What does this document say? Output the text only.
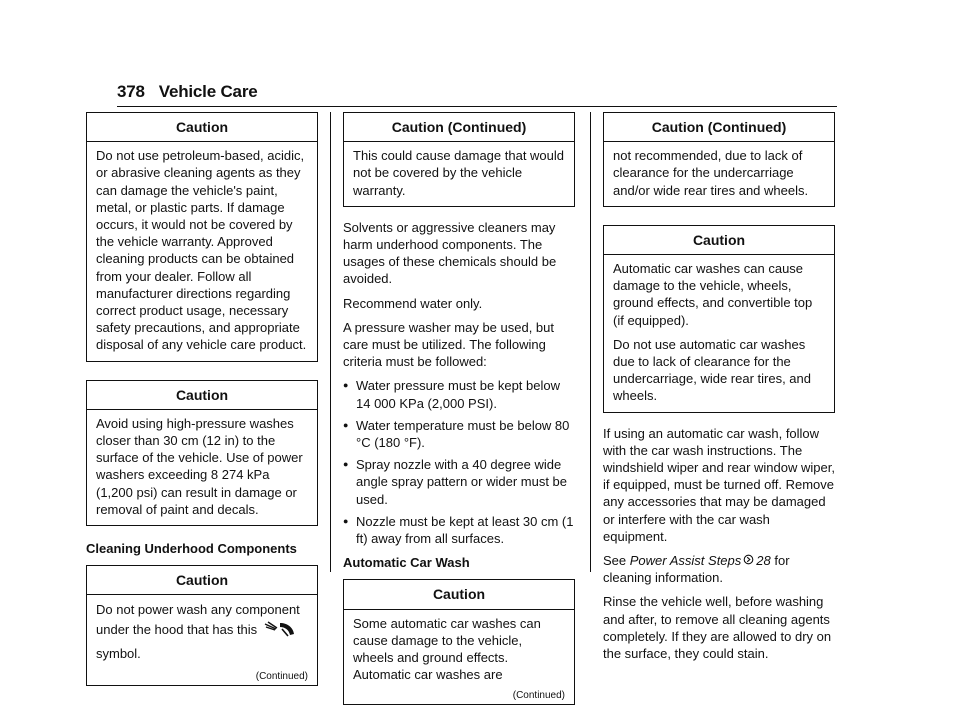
378 Vehicle Care
Caution

Do not use petroleum-based, acidic, or abrasive cleaning agents as they can damage the vehicle's paint, metal, or plastic parts. If damage occurs, it would not be covered by the vehicle warranty. Approved cleaning products can be obtained from your dealer. Follow all manufacturer directions regarding correct product usage, necessary safety precautions, and appropriate disposal of any vehicle care product.

Caution

Avoid using high-pressure washes closer than 30 cm (12 in) to the surface of the vehicle. Use of power washers exceeding 8 274 kPa (1,200 psi) can result in damage or removal of paint and decals.

Cleaning Underhood Components

Caution

Do not power wash any component under the hood that has this
symbol.

(Continued)
Caution (Continued)

This could cause damage that would not be covered by the vehicle warranty.

Solvents or aggressive cleaners may harm underhood components. The usages of these chemicals should be avoided.

Recommend water only.

A pressure washer may be used, but care must be utilized. The following criteria must be followed:

● Water pressure must be kept below 14 000 KPa (2,000 PSI).
● Water temperature must be below 80 °C (180 °F).
● Spray nozzle with a 40 degree wide angle spray pattern or wider must be used.
● Nozzle must be kept at least 30 cm (1 ft) away from all surfaces.

Automatic Car Wash

Caution

Some automatic car washes can cause damage to the vehicle, wheels and ground effects. Automatic car washes are

(Continued)
Caution (Continued)

not recommended, due to lack of clearance for the undercarriage and/or wide rear tires and wheels.

Caution

Automatic car washes can cause damage to the vehicle, wheels, ground effects, and convertible top (if equipped).

Do not use automatic car washes due to lack of clearance for the undercarriage, wide rear tires, and wheels.

If using an automatic car wash, follow with the car wash instructions. The windshield wiper and rear window wiper, if equipped, must be turned off. Remove any accessories that may be damaged or interfere with the car wash equipment.

See Power Assist Steps 28 for cleaning information.

Rinse the vehicle well, before washing and after, to remove all cleaning agents completely. If they are allowed to dry on the surface, they could stain.
